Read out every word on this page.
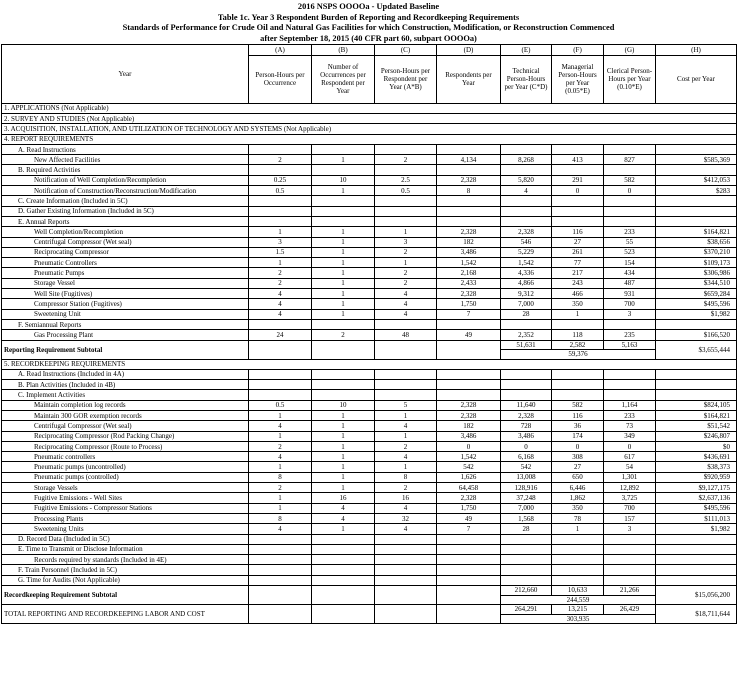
2016 NSPS OOOOa - Updated Baseline
Table 1c. Year 3 Respondent Burden of Reporting and Recordkeeping Requirements
Standards of Performance for Crude Oil and Natural Gas Facilities for which Construction, Modification, or Reconstruction Commenced
after September 18, 2015 (40 CFR part 60, subpart OOOOa)
Year	(A)	(B)	(C)	(D)	(E)	(F)	(G)	(H)
	Person-Hours per Occurrence	Number of Occurrences per Respondent per Year	Person-Hours per Respondent per Year (A*B)	Respondents per Year	Technical Person-Hours per Year (C*D)	Managerial Person-Hours per Year (0.05*E)	Clerical Person-Hours per Year (0.10*E)	Cost per Year
1. APPLICATIONS (Not Applicable)								
2. SURVEY AND STUDIES (Not Applicable)								
3. ACQUISITION, INSTALLATION, AND UTILIZATION OF TECHNOLOGY AND SYSTEMS (Not Applicable)								
4. REPORT REQUIREMENTS								
A. Read Instructions								
New Affected Facilities	2	1	2	4,134	8,268	413	827	$585,369
B. Required Activities								
Notification of Well Completion/Recompletion	0.25	10	2.5	2,328	5,820	291	582	$412,053
Notification of Construction/Reconstruction/Modification	0.5	1	0.5	8	4	0	0	$283
C. Create Information (Included in 5C)								
D. Gather Existing Information (Included in 5C)								
E. Annual Reports								
Well Completion/Recompletion	1	1	1	2,328	2,328	116	233	$164,821
Centrifugal Compressor (Wet seal)	3	1	3	182	546	27	55	$38,656
Reciprocating Compressor	1.5	1	2	3,486	5,229	261	523	$370,210
Pneumatic Controllers	1	1	1	1,542	1,542	77	154	$109,173
Pneumatic Pumps	2	1	2	2,168	4,336	217	434	$306,986
Storage Vessel	2	1	2	2,433	4,866	243	487	$344,510
Well Site (Fugitives)	4	1	4	2,328	9,312	466	931	$659,284
Compressor Station (Fugitives)	4	1	4	1,750	7,000	350	700	$495,596
Sweetening Unit	4	1	4	7	28	1	3	$1,982
F. Semiannual Reports								
Gas Processing Plant	24	2	48	49	2,352	118	235	$166,520
Reporting Requirement Subtotal					51,631	2,582	5,163	$3,655,444
					59,376			
5. RECORDKEEPING REQUIREMENTS								
A. Read Instructions (Included in 4A)								
B. Plan Activities (Included in 4B)								
C. Implement Activities								
Maintain completion log records	0.5	10	5	2,328	11,640	582	1,164	$824,105
Maintain 300 GOR exemption records	1	1	1	2,328	2,328	116	233	$164,821
Centrifugal Compressor (Wet seal)	4	1	4	182	728	36	73	$51,542
Reciprocating Compressor (Rod Packing Change)	1	1	1	3,486	3,486	174	349	$246,807
Reciprocating Compressor (Route to Process)	2	1	2	0	0	0	0	$0
Pneumatic controllers	4	1	4	1,542	6,168	308	617	$436,691
Pneumatic pumps (uncontrolled)	1	1	1	542	542	27	54	$38,373
Pneumatic pumps (controlled)	8	1	8	1,626	13,008	650	1,301	$920,959
Storage Vessels	2	1	2	64,458	128,916	6,446	12,892	$9,127,175
Fugitive Emissions - Well Sites	1	16	16	2,328	37,248	1,862	3,725	$2,637,136
Fugitive Emissions - Compressor Stations	1	4	4	1,750	7,000	350	700	$495,596
Processing Plants	8	4	32	49	1,568	78	157	$111,013
Sweetening Units	4	1	4	7	28	1	3	$1,982
D. Record Data (Included in 5C)								
E. Time to Transmit or Disclose Information								
Records required by standards (Included in 4E)								
F. Train Personnel (Included in 5C)								
G. Time for Audits (Not Applicable)								
Recordkeeping Requirement Subtotal					212,660	10,633	21,266	$15,056,200
					244,559			
TOTAL REPORTING AND RECORDKEEPING LABOR AND COST					264,291	13,215	26,429	$18,711,644
					303,935			
